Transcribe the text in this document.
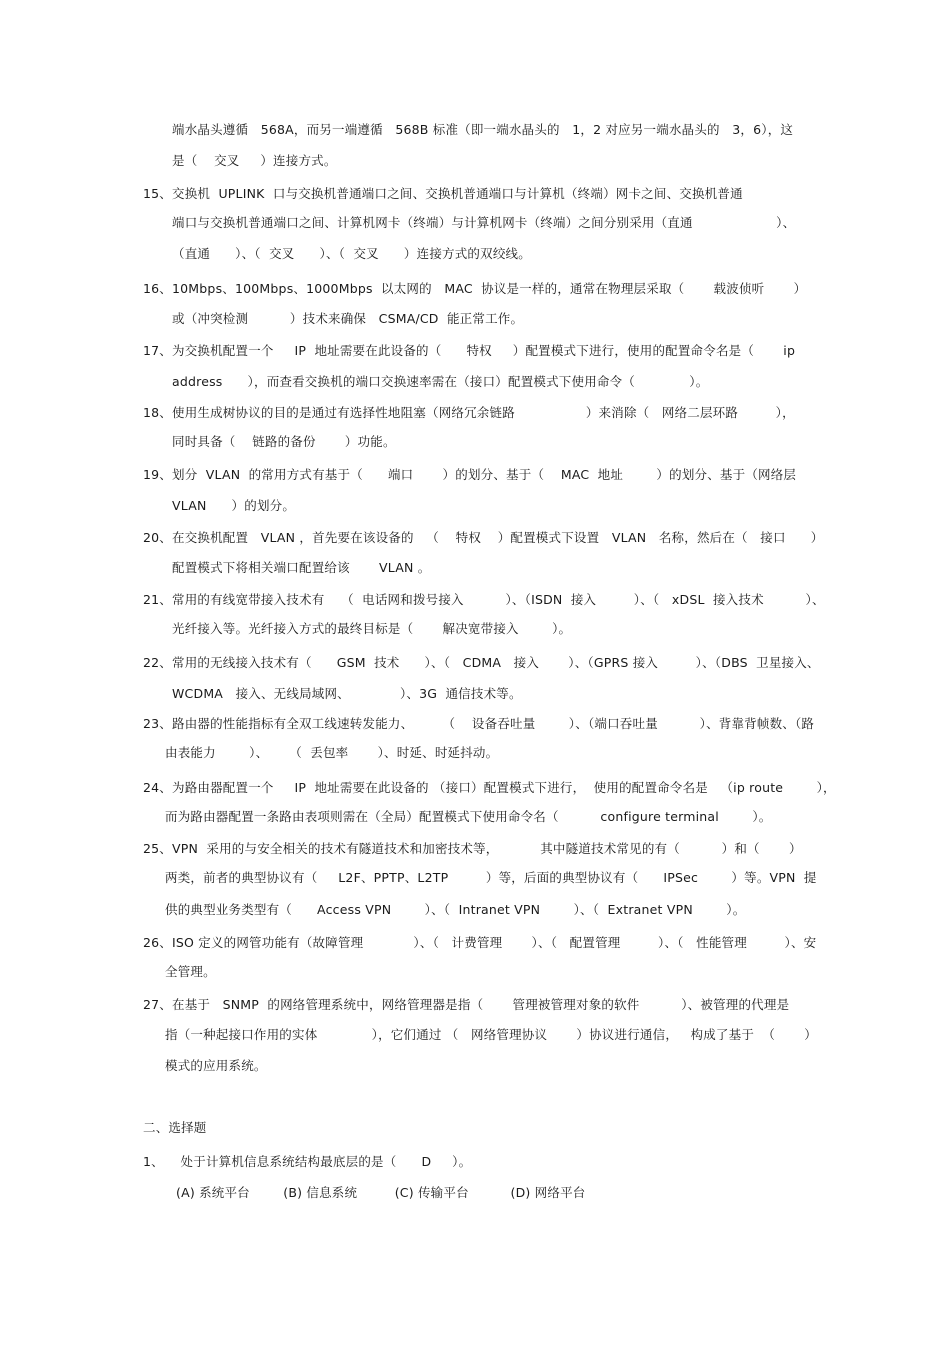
端水晶头遵循   568A，而另一端遵循   568B 标准（即一端水晶头的   1，2 对应另一端水晶头的   3，6），这
是（    交叉     ）连接方式。
15、交换机  UPLINK  口与交换机普通端口之间、交换机普通端口与计算机（终端）网卡之间、交换机普通
端口与交换机普通端口之间、计算机网卡（终端）与计算机网卡（终端）之间分别采用（直通                    ）、
（直通      ）、（  交叉      ）、（  交叉      ）连接方式的双绞线。
16、10Mbps、100Mbps、1000Mbps  以太网的   MAC  协议是一样的，通常在物理层采取（       载波侦听       ）
或（冲突检测          ）技术来确保   CSMA/CD  能正常工作。
17、为交换机配置一个     IP  地址需要在此设备的（      特权     ）配置模式下进行，使用的配置命令名是（       ip
address      ），而查看交换机的端口交换速率需在（接口）配置模式下使用命令（             ）。
18、使用生成树协议的目的是通过有选择性地阻塞（网络冗余链路                 ）来消除（   网络二层环路         ），
同时具备（    链路的备份       ）功能。
19、划分  VLAN  的常用方式有基于（      端口       ）的划分、基于（    MAC  地址        ）的划分、基于（网络层
VLAN      ）的划分。
20、在交换机配置   VLAN ，首先要在该设备的   （    特权    ）配置模式下设置   VLAN   名称，然后在（   接口      ）
配置模式下将相关端口配置给该       VLAN 。
21、常用的有线宽带接入技术有    （  电话网和拨号接入          ）、（ISDN  接入         ）、（   xDSL  接入技术          ）、
光纤接入等。光纤接入方式的最终目标是（       解决宽带接入        ）。
22、常用的无线接入技术有（      GSM  技术      ）、（   CDMA   接入       ）、（GPRS 接入         ）、（DBS  卫星接入、
WCDMA   接入、无线局域网、            ）、3G  通信技术等。
23、路由器的性能指标有全双工线速转发能力、       （    设备吞吐量        ）、（端口吞吐量          ）、背靠背帧数、（路
由表能力        ）、     （  丢包率       ）、时延、时延抖动。
24、为路由器配置一个     IP  地址需要在此设备的 （接口）配置模式下进行，  使用的配置命令名是   （ip route        ），
而为路由器配置一条路由表项则需在（全局）配置模式下使用命令名（          configure terminal        ）。
25、VPN  采用的与安全相关的技术有隧道技术和加密技术等，          其中隧道技术常见的有（          ）和（       ）
两类，前者的典型协议有（     L2F、PPTP、L2TP         ）等，后面的典型协议有（      IPSec        ）等。VPN  提
供的典型业务类型有（      Access VPN        ）、（  Intranet VPN        ）、（  Extranet VPN        ）。
26、ISO 定义的网管功能有（故障管理            ）、（   计费管理       ）、（   配置管理         ）、（   性能管理         ）、安
全管理。
27、在基于   SNMP  的网络管理系统中，网络管理器是指（       管理被管理对象的软件          ）、被管理的代理是
指（一种起接口作用的实体             ），它们通过 （   网络管理协议       ）协议进行通信，   构成了基于  （       ）
模式的应用系统。
二、选择题
1、    处于计算机信息系统结构最底层的是（      D     ）。
(A) 系统平台        (B) 信息系统         (C) 传输平台          (D) 网络平台
